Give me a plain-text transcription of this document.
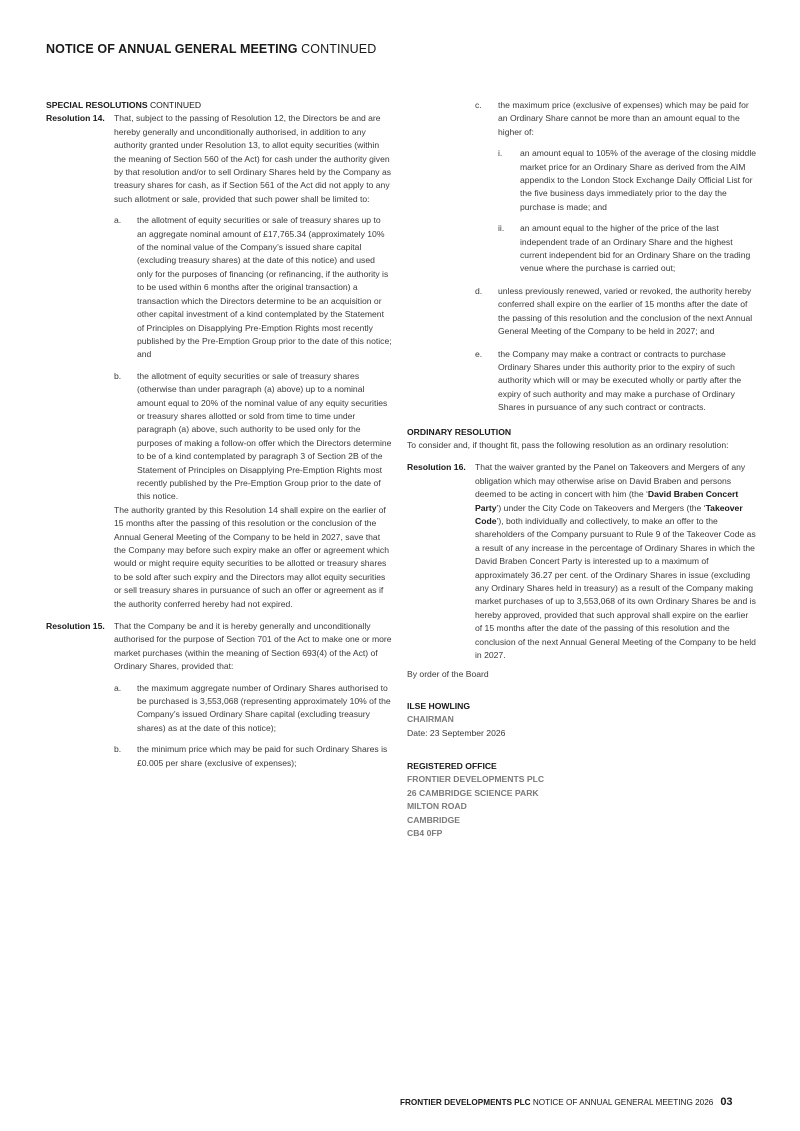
NOTICE OF ANNUAL GENERAL MEETING CONTINUED
SPECIAL RESOLUTIONS CONTINUED
Resolution 14.	That, subject to the passing of Resolution 12, the Directors be and are hereby generally and unconditionally authorised, in addition to any authority granted under Resolution 13, to allot equity securities (within the meaning of Section 560 of the Act) for cash under the authority given by that resolution and/or to sell Ordinary Shares held by the Company as treasury shares for cash, as if Section 561 of the Act did not apply to any such allotment or sale, provided that such power shall be limited to:

a.	the allotment of equity securities or sale of treasury shares up to an aggregate nominal amount of £17,765.34 (approximately 10% of the nominal value of the Company’s issued share capital (excluding treasury shares) at the date of this notice) and used only for the purposes of financing (or refinancing, if the authority is to be used within 6 months after the original transaction) a transaction which the Directors determine to be an acquisition or other capital investment of a kind contemplated by the Statement of Principles on Disapplying Pre-Emption Rights most recently published by the Pre-Emption Group prior to the date of this notice; and
b.	the allotment of equity securities or sale of treasury shares (otherwise than under paragraph (a) above) up to a nominal amount equal to 20% of the nominal value of any equity securities or treasury shares allotted or sold from time to time under paragraph (a) above, such authority to be used only for the purposes of making a follow-on offer which the Directors determine to be of a kind contemplated by paragraph 3 of Section 2B of the Statement of Principles on Disapplying Pre-Emption Rights most recently published by the Pre-Emption Group prior to the date of this notice.

The authority granted by this Resolution 14 shall expire on the earlier of 15 months after the passing of this resolution or the conclusion of the Annual General Meeting of the Company to be held in 2027, save that the Company may before such expiry make an offer or agreement which would or might require equity securities to be allotted or treasury shares to be sold after such expiry and the Directors may allot equity securities or sell treasury shares in pursuance of such an offer or agreement as if the authority conferred hereby had not expired.

Resolution 15.	That the Company be and it is hereby generally and unconditionally authorised for the purpose of Section 701 of the Act to make one or more market purchases (within the meaning of Section 693(4) of the Act) of Ordinary Shares, provided that:

a.	the maximum aggregate number of Ordinary Shares authorised to be purchased is 3,553,068 (representing approximately 10% of the Company’s issued Ordinary Share capital (excluding treasury shares) as at the date of this notice);
b.	the minimum price which may be paid for such Ordinary Shares is £0.005 per share (exclusive of expenses);
c.	the maximum price (exclusive of expenses) which may be paid for an Ordinary Share cannot be more than an amount equal to the higher of:
i.	an amount equal to 105% of the average of the closing middle market price for an Ordinary Share as derived from the AIM appendix to the London Stock Exchange Daily Official List for the five business days immediately prior to the day the purchase is made; and
ii.	an amount equal to the higher of the price of the last independent trade of an Ordinary Share and the highest current independent bid for an Ordinary Share on the trading venue where the purchase is carried out;
d.	unless previously renewed, varied or revoked, the authority hereby conferred shall expire on the earlier of 15 months after the date of the passing of this resolution and the conclusion of the next Annual General Meeting of the Company to be held in 2027; and
e.	the Company may make a contract or contracts to purchase Ordinary Shares under this authority prior to the expiry of such authority which will or may be executed wholly or partly after the expiry of such authority and may make a purchase of Ordinary Shares in pursuance of any such contract or contracts.
ORDINARY RESOLUTION
To consider and, if thought fit, pass the following resolution as an ordinary resolution:
Resolution 16.	That the waiver granted by the Panel on Takeovers and Mergers of any obligation which may otherwise arise on David Braben and persons deemed to be acting in concert with him (the ‘David Braben Concert Party’) under the City Code on Takeovers and Mergers (the ‘Takeover Code’), both individually and collectively, to make an offer to the shareholders of the Company pursuant to Rule 9 of the Takeover Code as a result of any increase in the percentage of Ordinary Shares in which the David Braben Concert Party is interested up to a maximum of approximately 36.27 per cent. of the Ordinary Shares in issue (excluding any Ordinary Shares held in treasury) as a result of the Company making market purchases of up to 3,553,068 of its own Ordinary Shares be and is hereby approved, provided that such approval shall expire on the earlier of 15 months after the date of the passing of this resolution and the conclusion of the next Annual General Meeting of the Company to be held in 2027.
By order of the Board
ILSE HOWLING
CHAIRMAN
Date: 23 September 2026
REGISTERED OFFICE
FRONTIER DEVELOPMENTS PLC
26 CAMBRIDGE SCIENCE PARK
MILTON ROAD
CAMBRIDGE
CB4 0FP
FRONTIER DEVELOPMENTS PLC NOTICE OF ANNUAL GENERAL MEETING 2026 03
